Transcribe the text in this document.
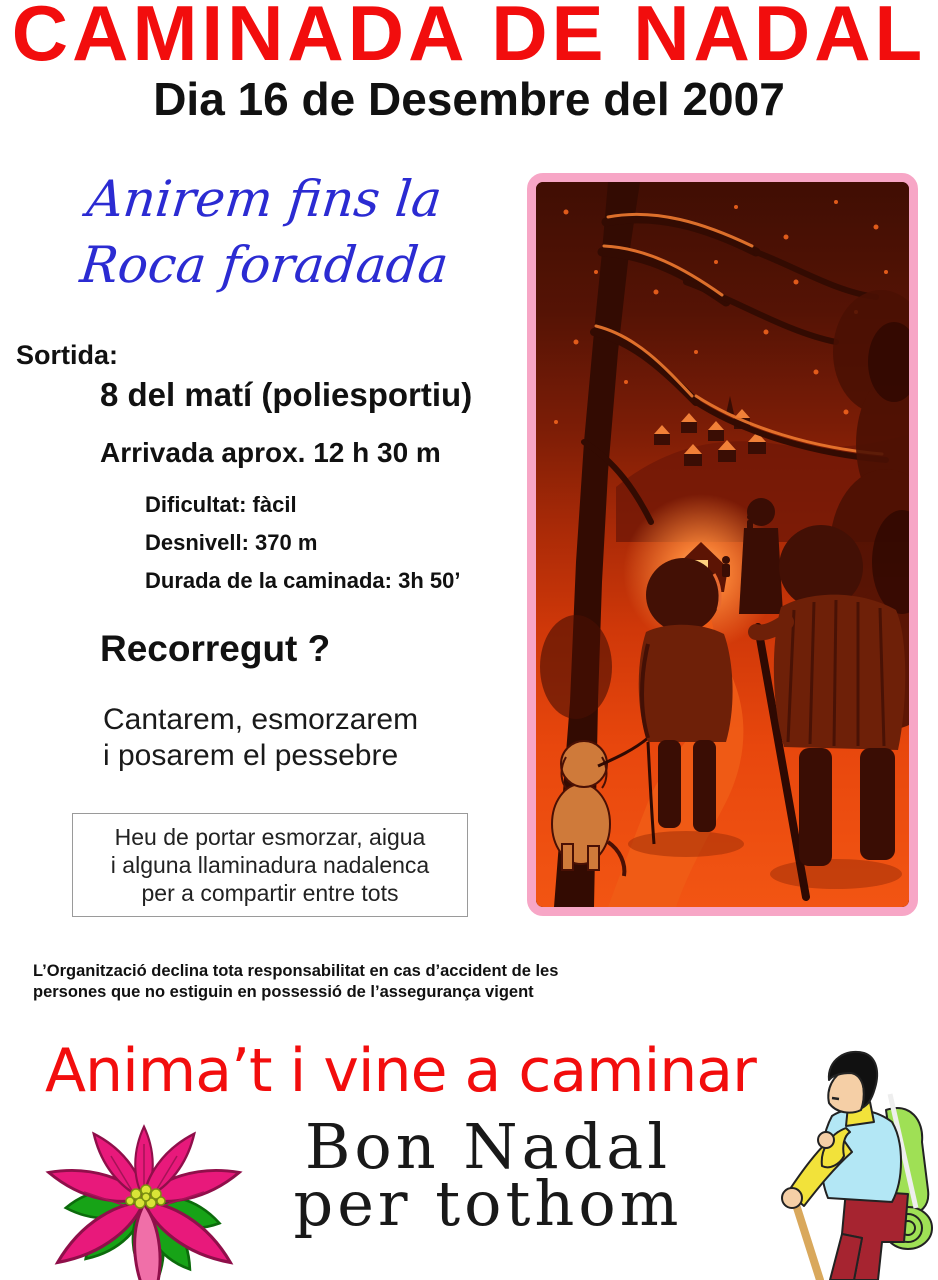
CAMINADA DE NADAL
Dia 16 de Desembre del 2007
Anirem fins la
Roca foradada
Sortida:
8 del matí (poliesportiu)
Arrivada aprox. 12 h 30 m
Dificultat: fàcil
Desnivell: 370 m
Durada de la caminada: 3h 50’
Recorregut ?
Cantarem, esmorzarem
i posarem el pessebre
Heu de portar esmorzar, aigua
i alguna llaminadura nadalenca
per a compartir entre tots
L’Organització declina tota responsabilitat en cas d’accident de les
persones que no estiguin en possessió de l’assegurança vigent
Anima’t i vine a caminar
Bon Nadal
per tothom
